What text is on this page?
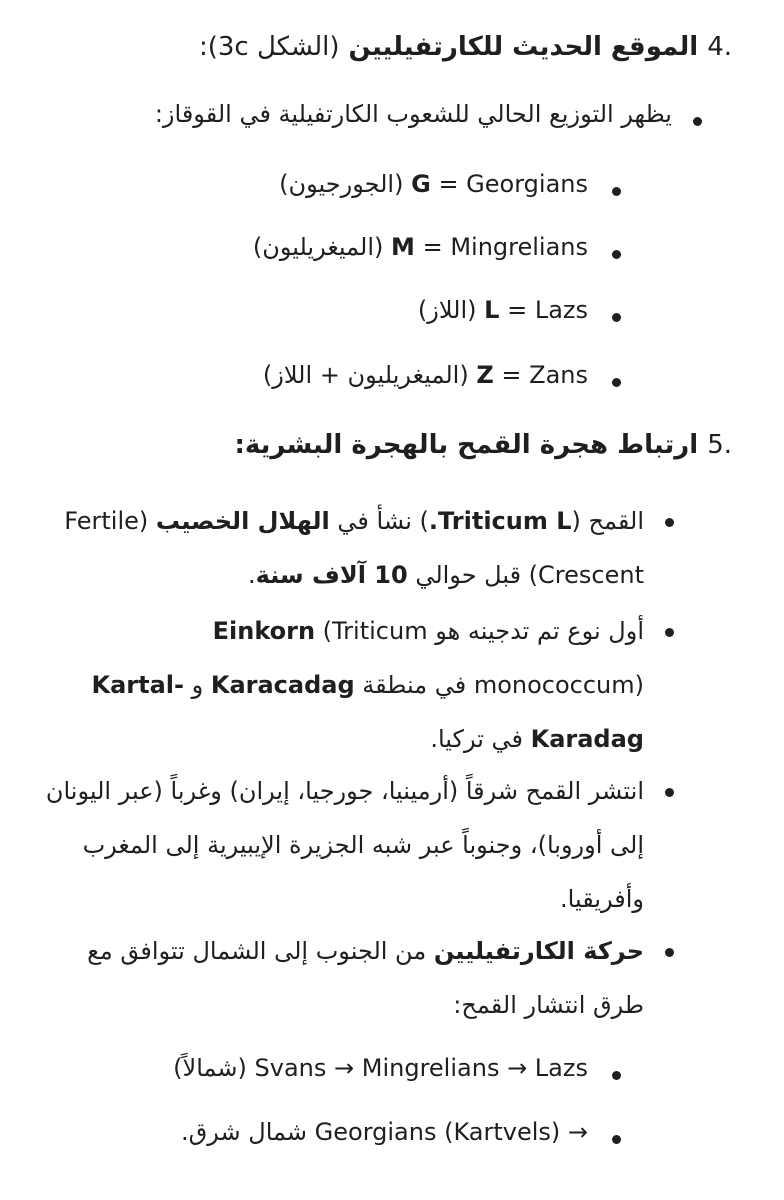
4. الموقع الحديث للكارتفيليين (الشكل 3c):

يظهر التوزيع الحالي للشعوب الكارتفيلية في القوقاز:

G = Georgians (الجورجيون)

M = Mingrelians (الميغريليون)

L = Lazs (اللاز)

Z = Zans (الميغريليون + اللاز)

5. ارتباط هجرة القمح بالهجرة البشرية:

القمح (Triticum L.) نشأ في الهلال الخصيب (Fertile Crescent) قبل حوالي 10 آلاف سنة.

أول نوع تم تدجينه هو Einkorn (Triticum monococcum) في منطقة Karacadag و Kartal-Karadag في تركيا.

انتشر القمح شرقاً (أرمينيا، جورجيا، إيران) وغرباً (عبر اليونان إلى أوروبا)، وجنوباً عبر شبه الجزيرة الإيبيرية إلى المغرب وأفريقيا.

حركة الكارتفيليين من الجنوب إلى الشمال تتوافق مع طرق انتشار القمح:

Svans → Mingrelians → Lazs (شمالاً)

Georgians (Kartvels) → شمال شرق.
